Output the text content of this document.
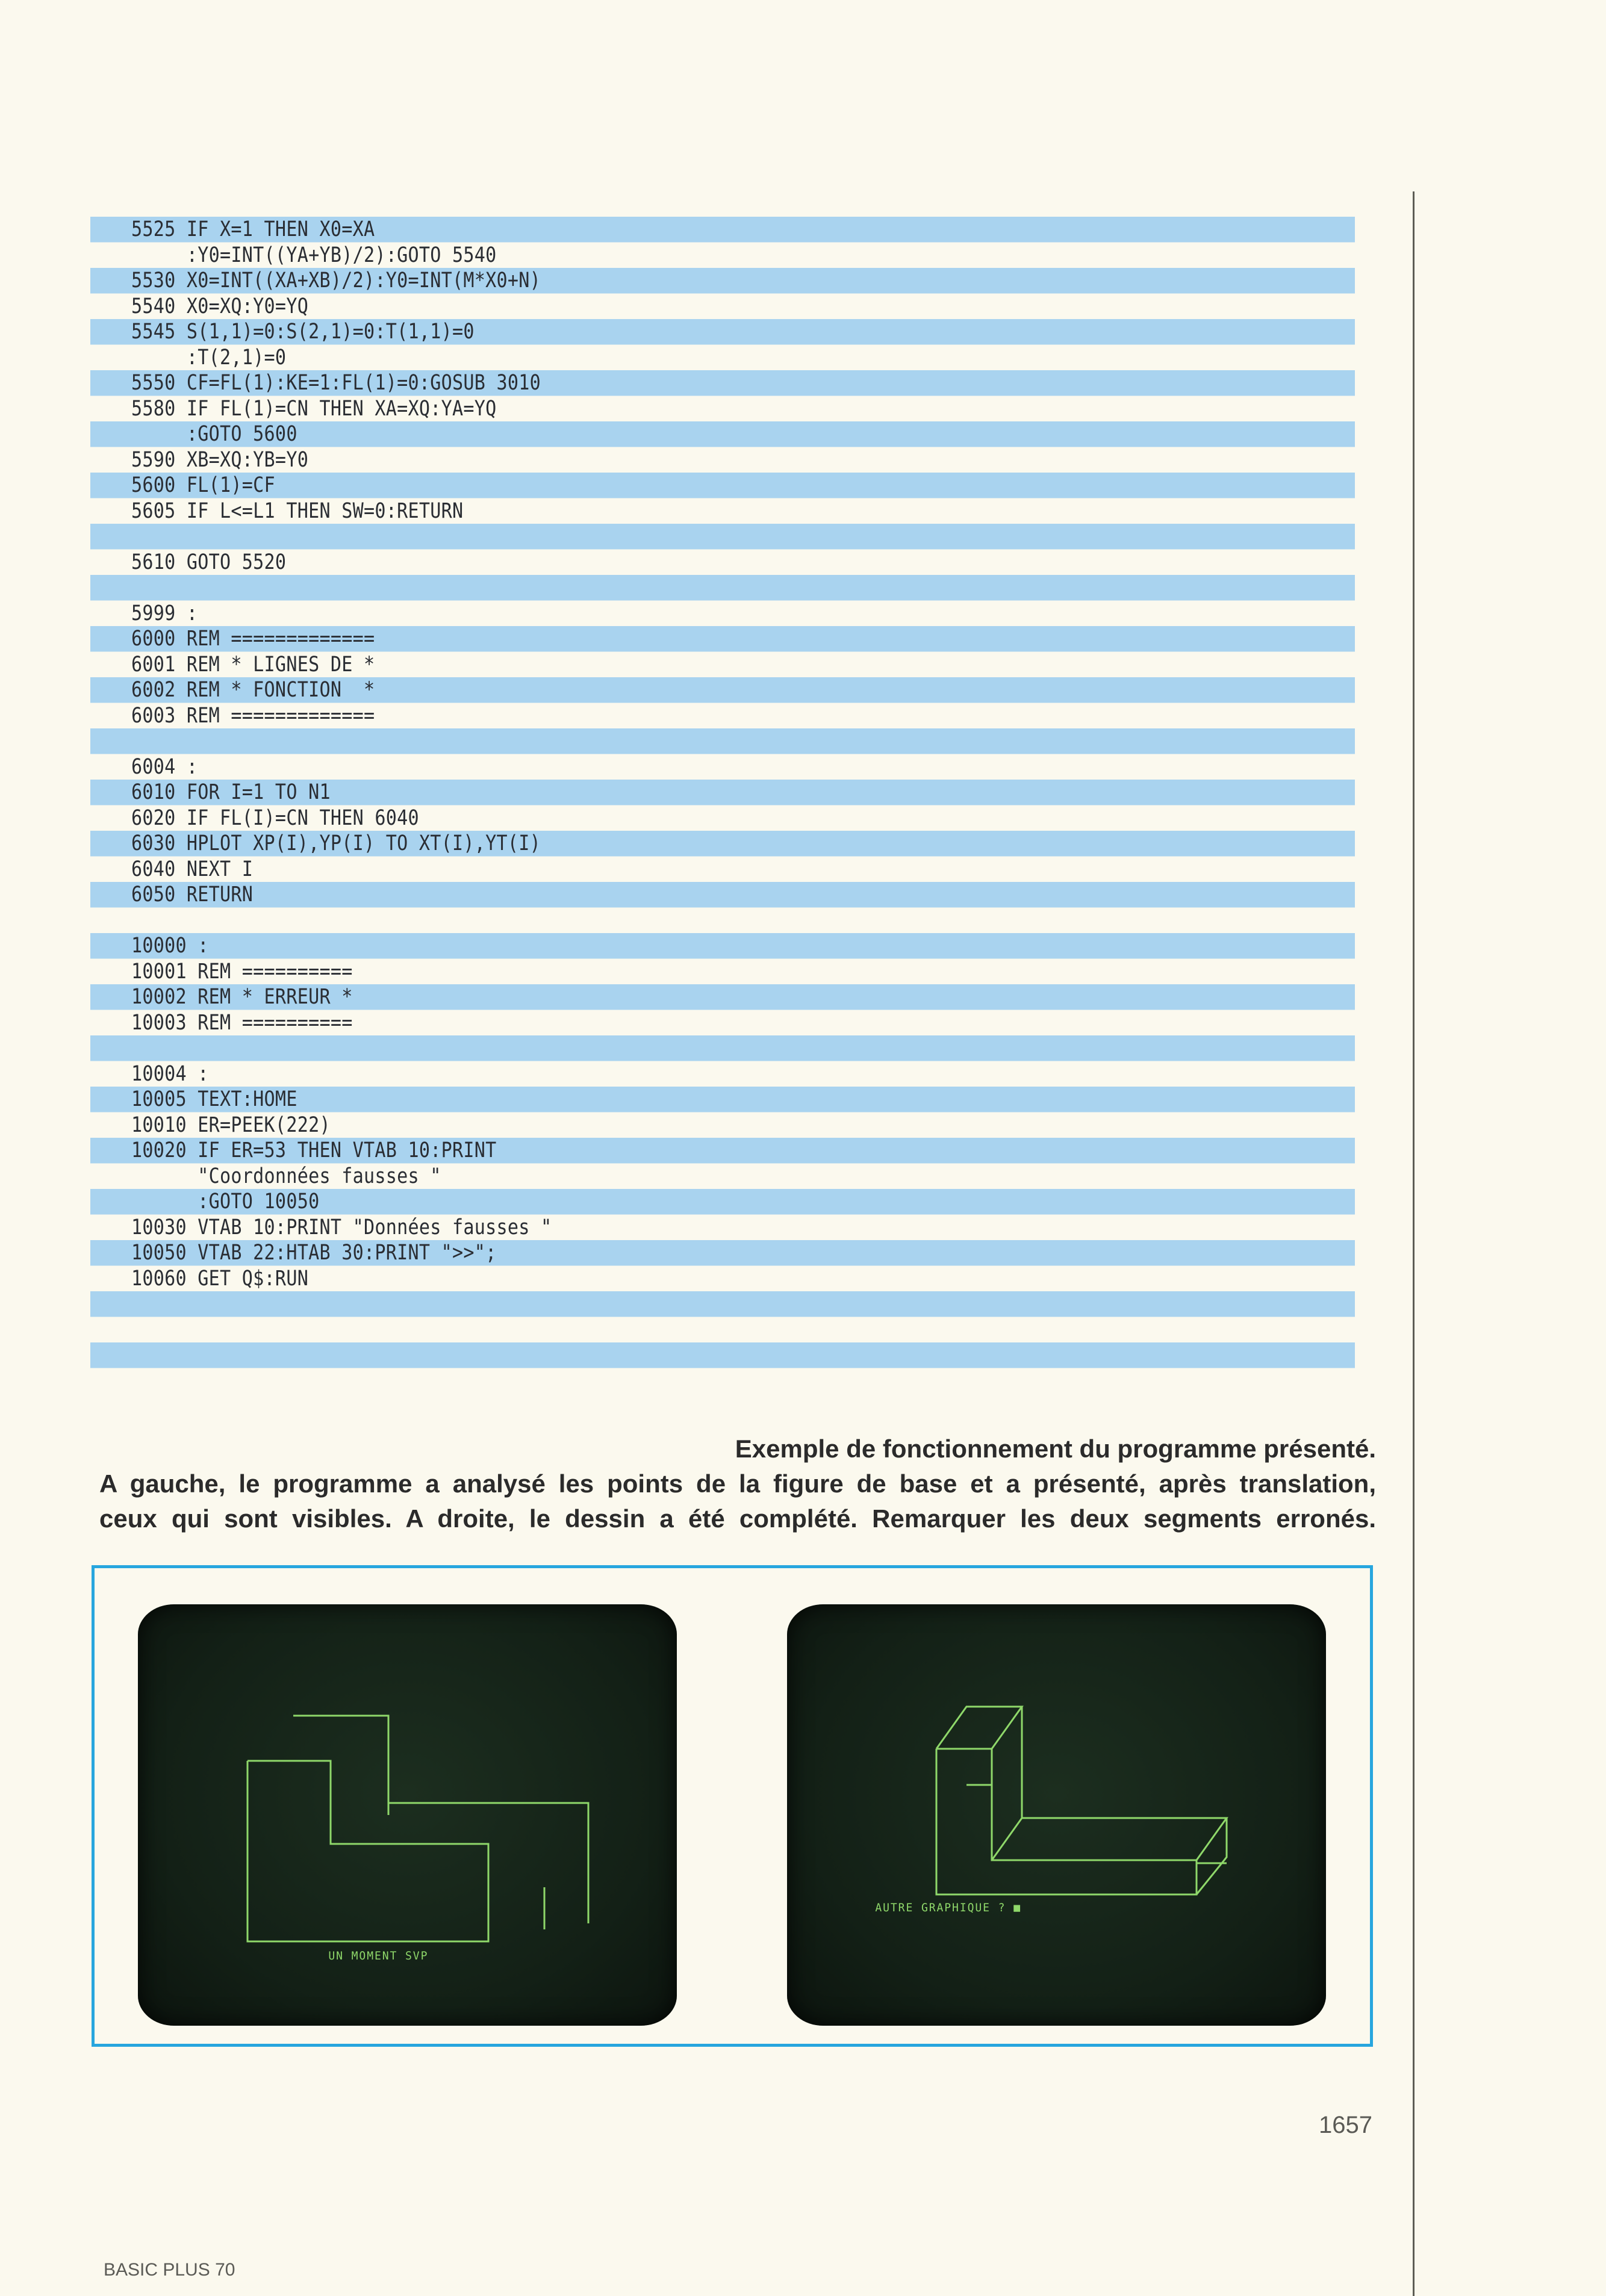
5525 IF X=1 THEN X0=XA
:Y0=INT((YA+YB)/2):GOTO 5540
5530 X0=INT((XA+XB)/2):Y0=INT(M*X0+N)
5540 X0=XQ:Y0=YQ
5545 S(1,1)=0:S(2,1)=0:T(1,1)=0
:T(2,1)=0
5550 CF=FL(1):KE=1:FL(1)=0:GOSUB 3010
5580 IF FL(1)=CN THEN XA=XQ:YA=YQ
:GOTO 5600
5590 XB=XQ:YB=Y0
5600 FL(1)=CF
5605 IF L<=L1 THEN SW=0:RETURN
5610 GOTO 5520
5999 :
6000 REM =============
6001 REM * LIGNES DE *
6002 REM * FONCTION  *
6003 REM =============
6004 :
6010 FOR I=1 TO N1
6020 IF FL(I)=CN THEN 6040
6030 HPLOT XP(I),YP(I) TO XT(I),YT(I)
6040 NEXT I
6050 RETURN
10000 :
10001 REM ==========
10002 REM * ERREUR *
10003 REM ==========
10004 :
10005 TEXT:HOME
10010 ER=PEEK(222)
10020 IF ER=53 THEN VTAB 10:PRINT
"Coordonnées fausses "
:GOTO 10050
10030 VTAB 10:PRINT "Données fausses "
10050 VTAB 22:HTAB 30:PRINT ">>";
10060 GET Q$:RUN

Exemple de fonctionnement du programme présenté.
A gauche, le programme a analysé les points de la figure de base et a présenté, après translation,
ceux qui sont visibles. A droite, le dessin a été complété. Remarquer les deux segments erronés.

UN MOMENT SVP
AUTRE GRAPHIQUE ? ■
1657
BASIC PLUS 70
